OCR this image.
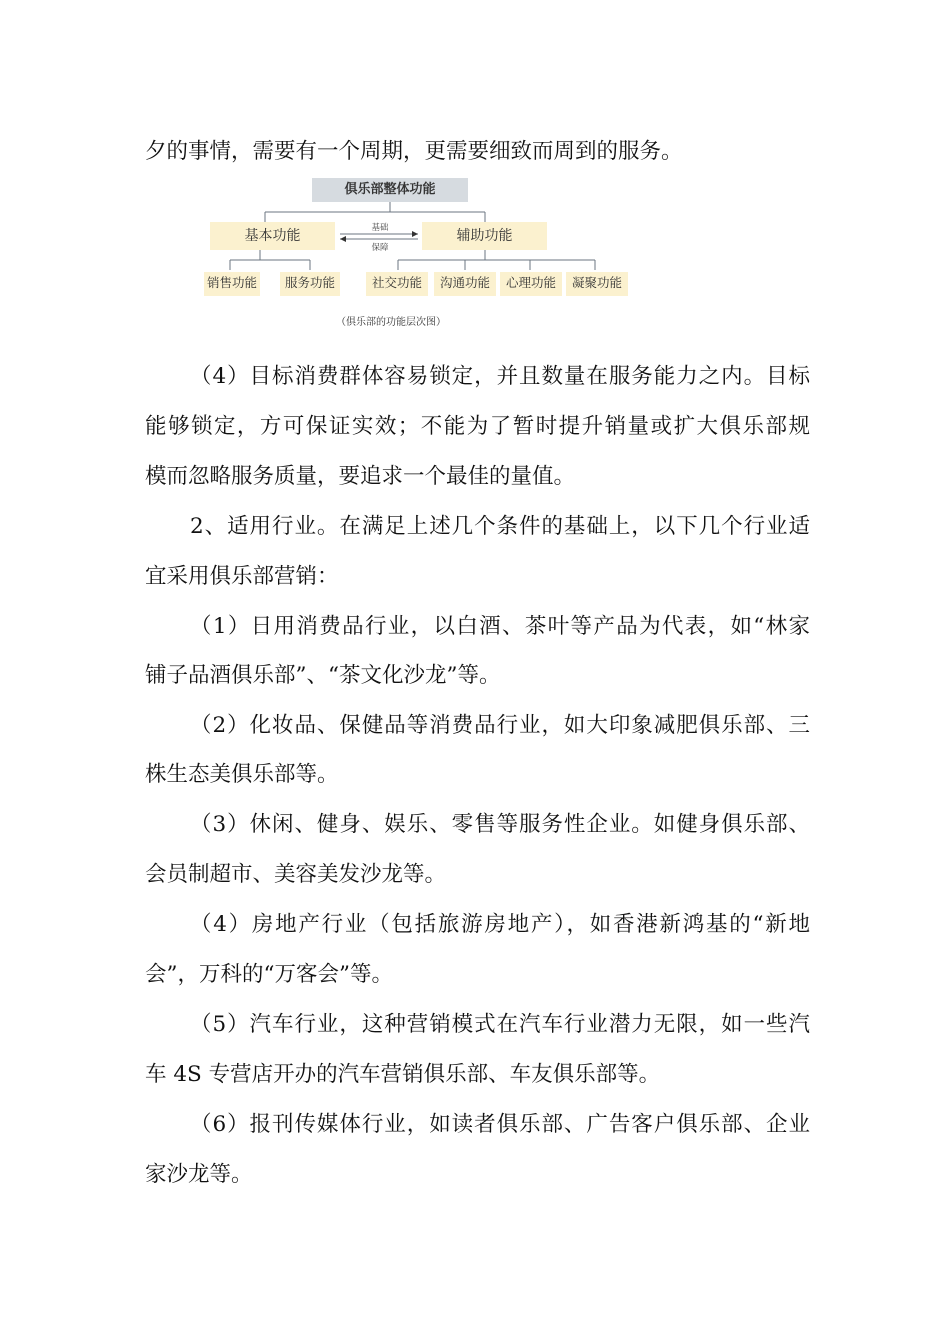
夕的事情，需要有一个周期，更需要细致而周到的服务。
俱乐部整体功能
基本功能	辅助功能
基础
保障
销售功能	服务功能	社交功能	沟通功能	心理功能	凝聚功能
（俱乐部的功能层次图）
（4）目标消费群体容易锁定，并且数量在服务能力之内。目标
能够锁定，方可保证实效；不能为了暂时提升销量或扩大俱乐部规
模而忽略服务质量，要追求一个最佳的量值。
2、适用行业。在满足上述几个条件的基础上，以下几个行业适
宜采用俱乐部营销：
（1）日用消费品行业，以白酒、茶叶等产品为代表，如“林家
铺子品酒俱乐部”、“茶文化沙龙”等。
（2）化妆品、保健品等消费品行业，如大印象减肥俱乐部、三
株生态美俱乐部等。
（3）休闲、健身、娱乐、零售等服务性企业。如健身俱乐部、
会员制超市、美容美发沙龙等。
（4）房地产行业（包括旅游房地产），如香港新鸿基的“新地
会”，万科的“万客会”等。
（5）汽车行业，这种营销模式在汽车行业潜力无限，如一些汽
车 4S 专营店开办的汽车营销俱乐部、车友俱乐部等。
（6）报刊传媒体行业，如读者俱乐部、广告客户俱乐部、企业
家沙龙等。
